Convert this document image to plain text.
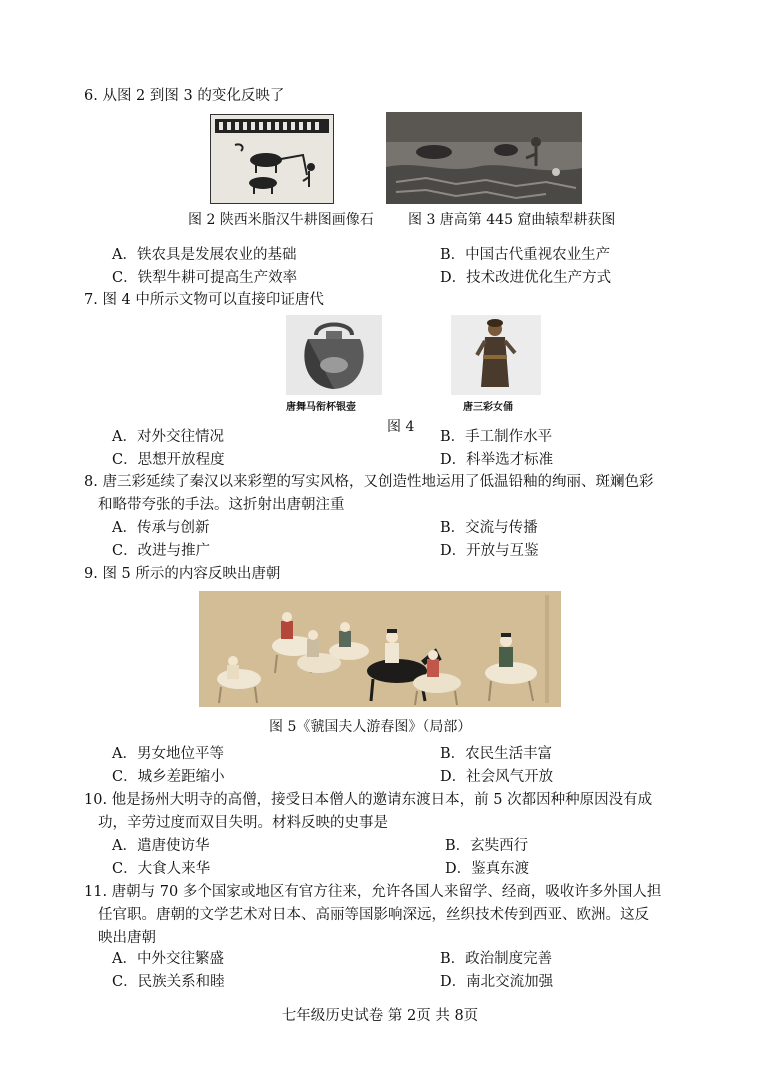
6. 从图 2 到图 3 的变化反映了
图 2 陕西米脂汉牛耕图画像石 图 3 唐高第 445 窟曲辕犁耕获图
A．铁农具是发展农业的基础	B．中国古代重视农业生产
C．铁犁牛耕可提高生产效率	D．技术改进优化生产方式
7. 图 4 中所示文物可以直接印证唐代
唐舞马衔杯银壶	唐三彩女俑
图 4
A．对外交往情况	B．手工制作水平
C．思想开放程度	D．科举选才标准
8. 唐三彩延续了秦汉以来彩塑的写实风格，又创造性地运用了低温铅釉的绚丽、斑斓色彩
和略带夸张的手法。这折射出唐朝注重
A．传承与创新	B．交流与传播
C．改进与推广	D．开放与互鉴
9. 图 5 所示的内容反映出唐朝
图 5《虢国夫人游春图》（局部）
A．男女地位平等	B．农民生活丰富
C．城乡差距缩小	D．社会风气开放
10. 他是扬州大明寺的高僧，接受日本僧人的邀请东渡日本，前 5 次都因种种原因没有成
功，辛劳过度而双目失明。材料反映的史事是
A．遣唐使访华	B．玄奘西行
C．大食人来华	D．鉴真东渡
11. 唐朝与 70 多个国家或地区有官方往来，允许各国人来留学、经商，吸收许多外国人担
任官职。唐朝的文学艺术对日本、高丽等国影响深远，丝织技术传到西亚、欧洲。这反
映出唐朝
A．中外交往繁盛	B．政治制度完善
C．民族关系和睦	D．南北交流加强
七年级历史试卷 第 2页 共 8页
